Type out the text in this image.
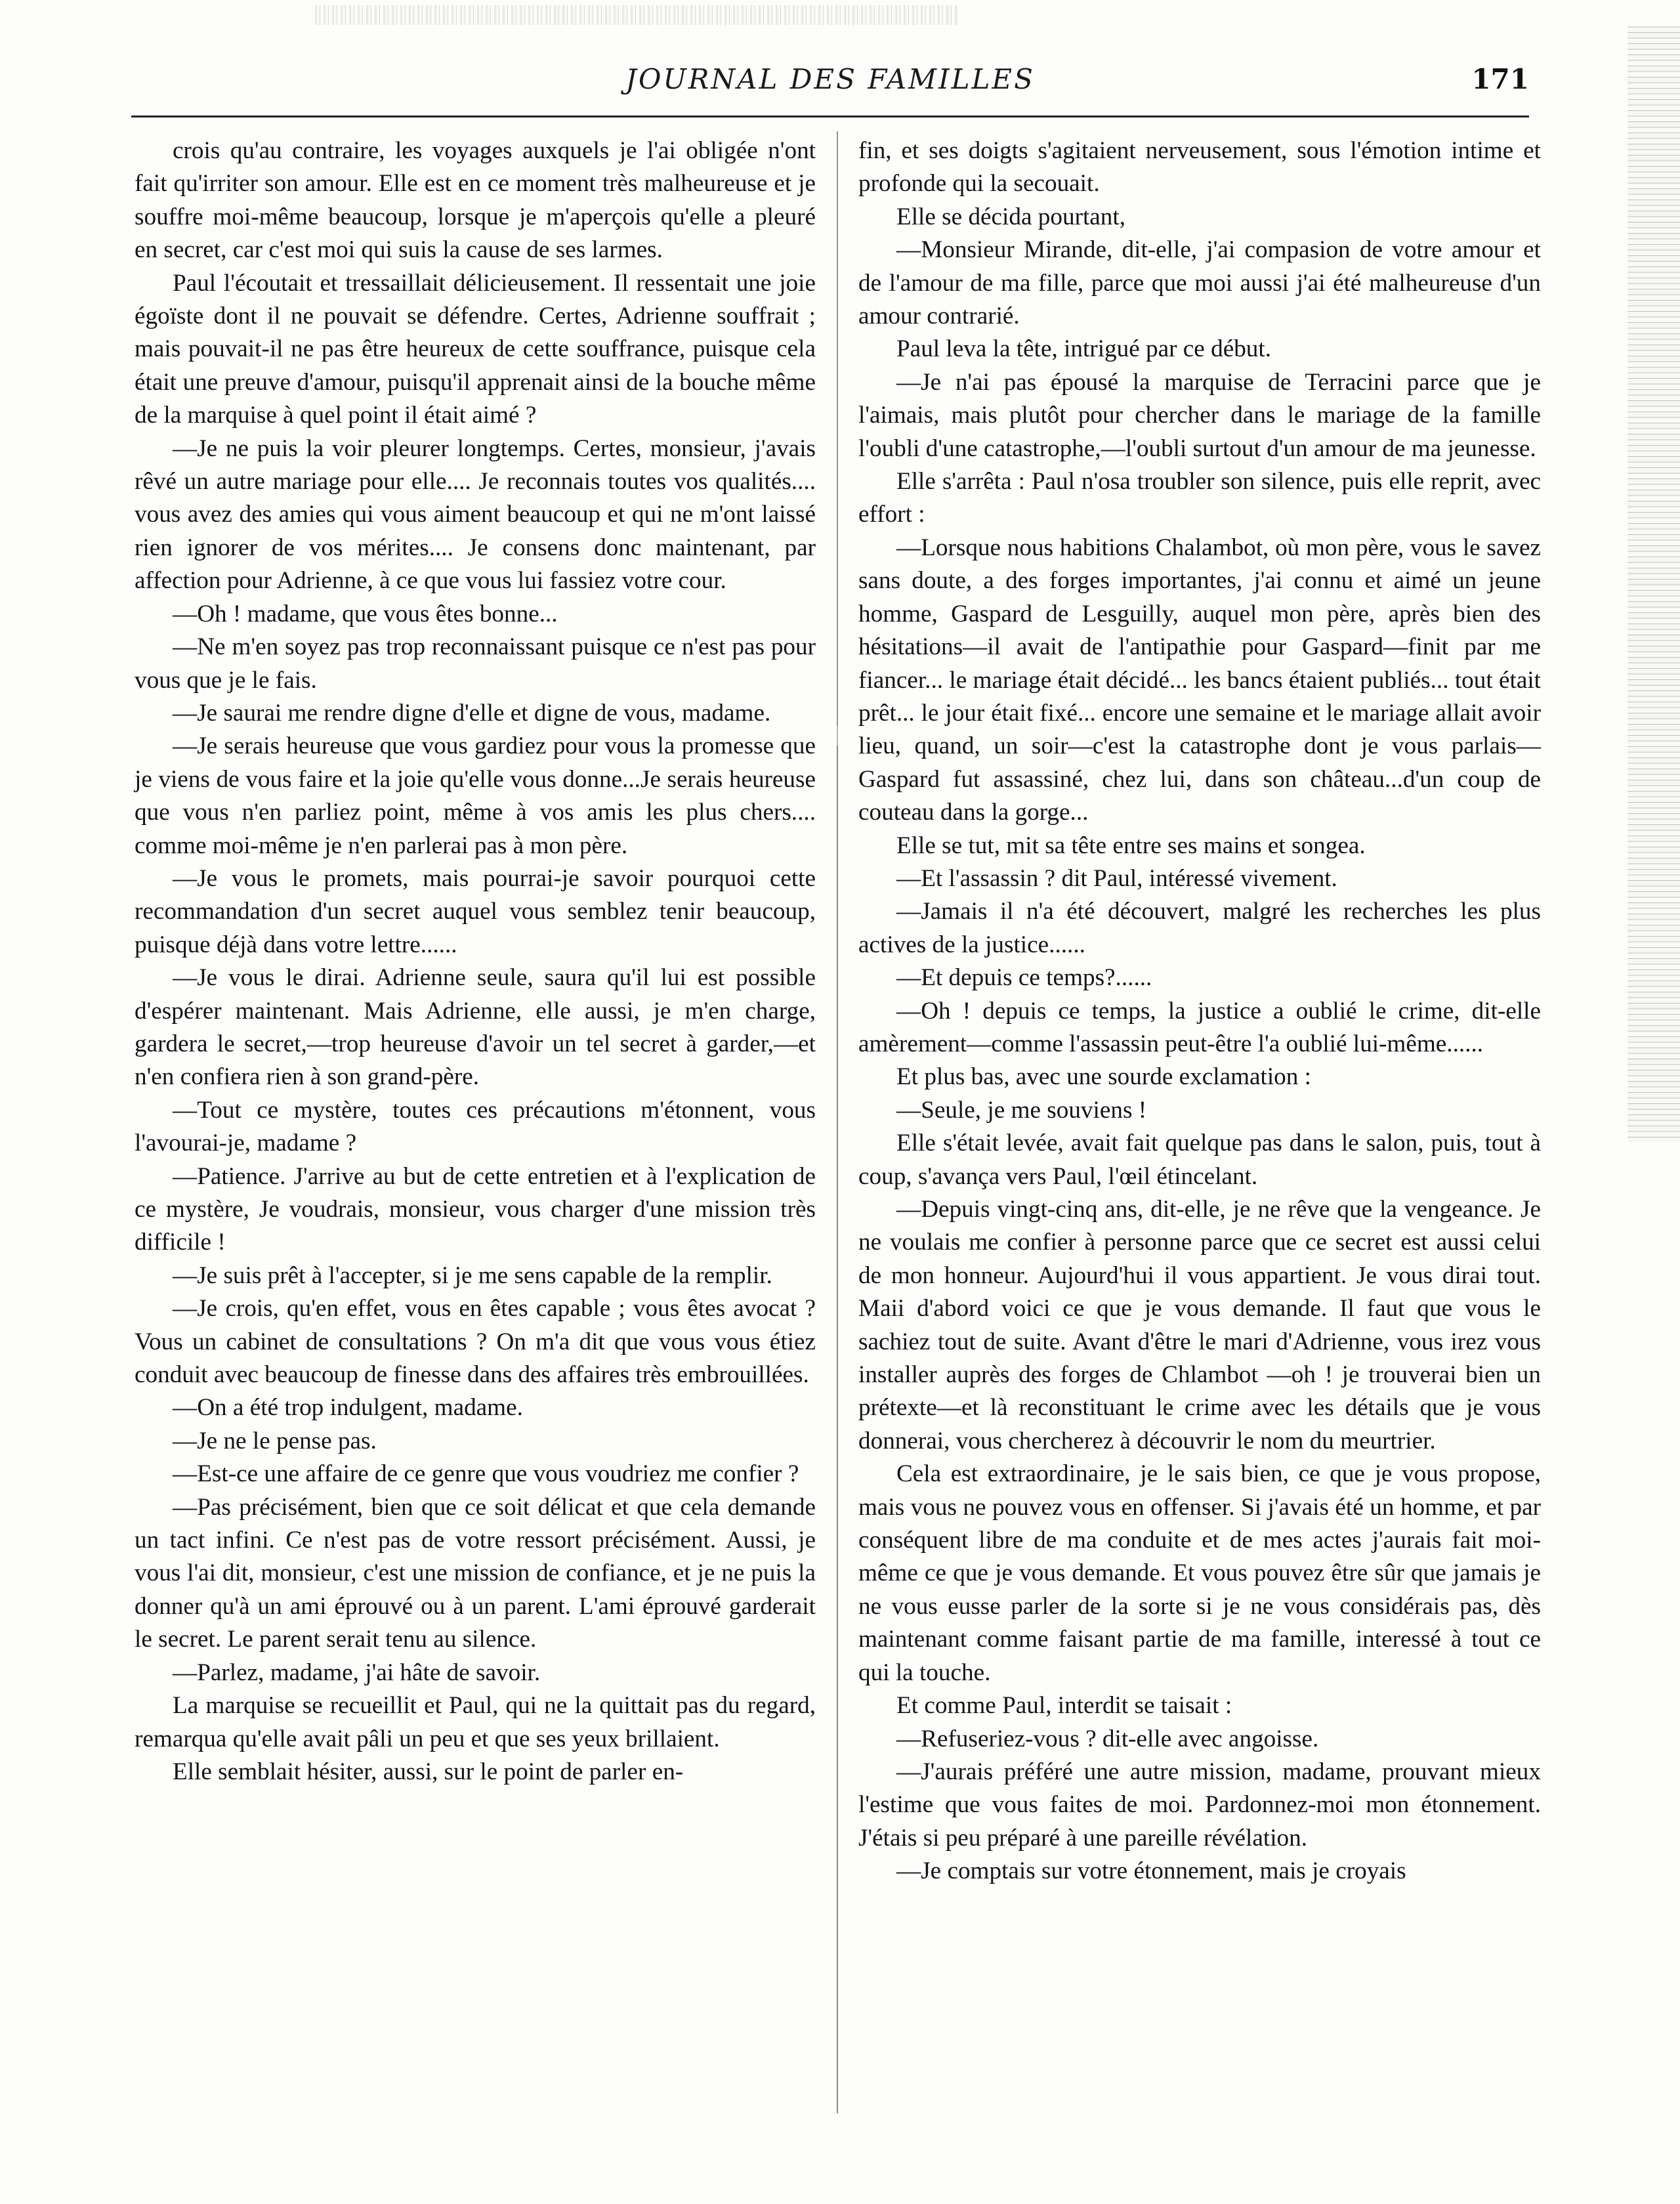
JOURNAL DES FAMILLES	171

crois qu'au contraire, les voyages auxquels je l'ai obligée n'ont fait qu'irriter son amour. Elle est en ce moment très malheureuse et je souffre moi-même beaucoup, lorsque je m'aperçois qu'elle a pleuré en secret, car c'est moi qui suis la cause de ses larmes.

Paul l'écoutait et tressaillait délicieusement. Il ressentait une joie égoïste dont il ne pouvait se défendre. Certes, Adrienne souffrait ; mais pouvait-il ne pas être heureux de cette souffrance, puisque cela était une preuve d'amour, puisqu'il apprenait ainsi de la bouche même de la marquise à quel point il était aimé ?

—Je ne puis la voir pleurer longtemps. Certes, monsieur, j'avais rêvé un autre mariage pour elle.... Je reconnais toutes vos qualités.... vous avez des amies qui vous aiment beaucoup et qui ne m'ont laissé rien ignorer de vos mérites.... Je consens donc maintenant, par affection pour Adrienne, à ce que vous lui fassiez votre cour.

—Oh ! madame, que vous êtes bonne...

—Ne m'en soyez pas trop reconnaissant puisque ce n'est pas pour vous que je le fais.

—Je saurai me rendre digne d'elle et digne de vous, madame.

—Je serais heureuse que vous gardiez pour vous la promesse que je viens de vous faire et la joie qu'elle vous donne...Je serais heureuse que vous n'en parliez point, même à vos amis les plus chers.... comme moi-même je n'en parlerai pas à mon père.

—Je vous le promets, mais pourrai-je savoir pourquoi cette recommandation d'un secret auquel vous semblez tenir beaucoup, puisque déjà dans votre lettre......

—Je vous le dirai. Adrienne seule, saura qu'il lui est possible d'espérer maintenant. Mais Adrienne, elle aussi, je m'en charge, gardera le secret,—trop heureuse d'avoir un tel secret à garder,—et n'en confiera rien à son grand-père.

—Tout ce mystère, toutes ces précautions m'étonnent, vous l'avourai-je, madame ?

—Patience. J'arrive au but de cette entretien et à l'explication de ce mystère, Je voudrais, monsieur, vous charger d'une mission très difficile !

—Je suis prêt à l'accepter, si je me sens capable de la remplir.

—Je crois, qu'en effet, vous en êtes capable ; vous êtes avocat ? Vous un cabinet de consultations ? On m'a dit que vous vous étiez conduit avec beaucoup de finesse dans des affaires très embrouillées.

—On a été trop indulgent, madame.

—Je ne le pense pas.

—Est-ce une affaire de ce genre que vous voudriez me confier ?

—Pas précisément, bien que ce soit délicat et que cela demande un tact infini. Ce n'est pas de votre ressort précisément. Aussi, je vous l'ai dit, monsieur, c'est une mission de confiance, et je ne puis la donner qu'à un ami éprouvé ou à un parent. L'ami éprouvé garderait le secret. Le parent serait tenu au silence.

—Parlez, madame, j'ai hâte de savoir.

La marquise se recueillit et Paul, qui ne la quittait pas du regard, remarqua qu'elle avait pâli un peu et que ses yeux brillaient.

Elle semblait hésiter, aussi, sur le point de parler en-

fin, et ses doigts s'agitaient nerveusement, sous l'émotion intime et profonde qui la secouait.

Elle se décida pourtant,

—Monsieur Mirande, dit-elle, j'ai compasion de votre amour et de l'amour de ma fille, parce que moi aussi j'ai été malheureuse d'un amour contrarié.

Paul leva la tête, intrigué par ce début.

—Je n'ai pas épousé la marquise de Terracini parce que je l'aimais, mais plutôt pour chercher dans le mariage de la famille l'oubli d'une catastrophe,—l'oubli surtout d'un amour de ma jeunesse.

Elle s'arrêta : Paul n'osa troubler son silence, puis elle reprit, avec effort :

—Lorsque nous habitions Chalambot, où mon père, vous le savez sans doute, a des forges importantes, j'ai connu et aimé un jeune homme, Gaspard de Lesguilly, auquel mon père, après bien des hésitations—il avait de l'antipathie pour Gaspard—finit par me fiancer... le mariage était décidé... les bancs étaient publiés... tout était prêt... le jour était fixé... encore une semaine et le mariage allait avoir lieu, quand, un soir—c'est la catastrophe dont je vous parlais—Gaspard fut assassiné, chez lui, dans son château...d'un coup de couteau dans la gorge...

Elle se tut, mit sa tête entre ses mains et songea.

—Et l'assassin ? dit Paul, intéressé vivement.

—Jamais il n'a été découvert, malgré les recherches les plus actives de la justice......

—Et depuis ce temps?......

—Oh ! depuis ce temps, la justice a oublié le crime, dit-elle amèrement—comme l'assassin peut-être l'a oublié lui-même......

Et plus bas, avec une sourde exclamation :

—Seule, je me souviens !

Elle s'était levée, avait fait quelque pas dans le salon, puis, tout à coup, s'avança vers Paul, l'œil étincelant.

—Depuis vingt-cinq ans, dit-elle, je ne rêve que la vengeance. Je ne voulais me confier à personne parce que ce secret est aussi celui de mon honneur. Aujourd'hui il vous appartient. Je vous dirai tout. Maii d'abord voici ce que je vous demande. Il faut que vous le sachiez tout de suite. Avant d'être le mari d'Adrienne, vous irez vous installer auprès des forges de Chlambot —oh ! je trouverai bien un prétexte—et là reconstituant le crime avec les détails que je vous donnerai, vous chercherez à découvrir le nom du meurtrier.

Cela est extraordinaire, je le sais bien, ce que je vous propose, mais vous ne pouvez vous en offenser. Si j'avais été un homme, et par conséquent libre de ma conduite et de mes actes j'aurais fait moi-même ce que je vous demande. Et vous pouvez être sûr que jamais je ne vous eusse parler de la sorte si je ne vous considérais pas, dès maintenant comme faisant partie de ma famille, interessé à tout ce qui la touche.

Et comme Paul, interdit se taisait :

—Refuseriez-vous ? dit-elle avec angoisse.

—J'aurais préféré une autre mission, madame, prouvant mieux l'estime que vous faites de moi. Pardonnez-moi mon étonnement. J'étais si peu préparé à une pareille révélation.

—Je comptais sur votre étonnement, mais je croyais
